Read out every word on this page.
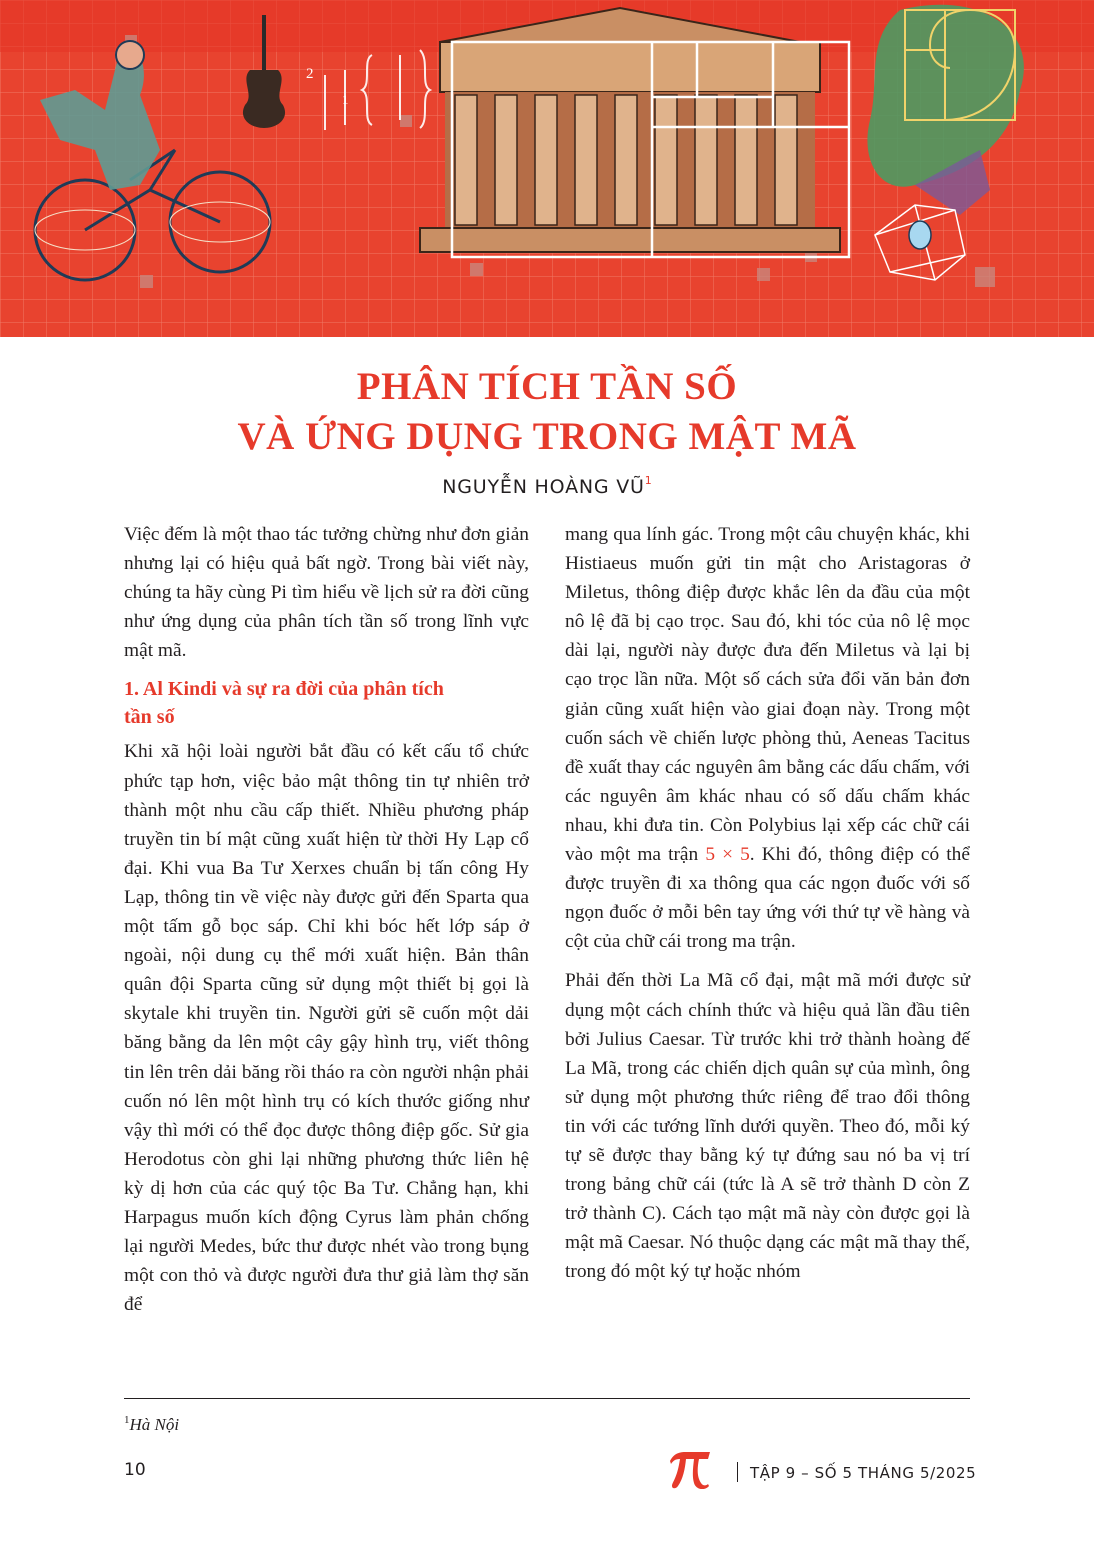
2
1
PHÂN TÍCH TẦN SỐ
VÀ ỨNG DỤNG TRONG MẬT MÃ
NGUYỄN HOÀNG $VŨ^1$

Việc đếm là một thao tác tưởng chừng như đơn giản nhưng lại có hiệu quả bất ngờ. Trong bài viết này, chúng ta hãy cùng Pi tìm hiểu về lịch sử ra đời cũng như ứng dụng của phân tích tần số trong lĩnh vực mật mã.

1. Al Kindi và sự ra đời của phân tích
tần số

Khi xã hội loài người bắt đầu có kết cấu tổ chức phức tạp hơn, việc bảo mật thông tin tự nhiên trở thành một nhu cầu cấp thiết. Nhiều phương pháp truyền tin bí mật cũng xuất hiện từ thời Hy Lạp cổ đại. Khi vua Ba Tư Xerxes chuẩn bị tấn công Hy Lạp, thông tin về việc này được gửi đến Sparta qua một tấm gỗ bọc sáp. Chỉ khi bóc hết lớp sáp ở ngoài, nội dung cụ thể mới xuất hiện. Bản thân quân đội Sparta cũng sử dụng một thiết bị gọi là skytale khi truyền tin. Người gửi sẽ cuốn một dải băng bằng da lên một cây gậy hình trụ, viết thông tin lên trên dải băng rồi tháo ra còn người nhận phải cuốn nó lên một hình trụ có kích thước giống như vậy thì mới có thể đọc được thông điệp gốc. Sử gia Herodotus còn ghi lại những phương thức liên hệ kỳ dị hơn của các quý tộc Ba Tư. Chẳng hạn, khi Harpagus muốn kích động Cyrus làm phản chống lại người Medes, bức thư được nhét vào trong bụng một con thỏ và được người đưa thư giả làm thợ săn để

mang qua lính gác. Trong một câu chuyện khác, khi Histiaeus muốn gửi tin mật cho Aristagoras ở Miletus, thông điệp được khắc lên da đầu của một nô lệ đã bị cạo trọc. Sau đó, khi tóc của nô lệ mọc dài lại, người này được đưa đến Miletus và lại bị cạo trọc lần nữa. Một số cách sửa đổi văn bản đơn giản cũng xuất hiện vào giai đoạn này. Trong một cuốn sách về chiến lược phòng thủ, Aeneas Tacitus đề xuất thay các nguyên âm bằng các dấu chấm, với các nguyên âm khác nhau có số dấu chấm khác nhau, khi đưa tin. Còn Polybius lại xếp các chữ cái vào một ma trận 5 × 5. Khi đó, thông điệp có thể được truyền đi xa thông qua các ngọn đuốc với số ngọn đuốc ở mỗi bên tay ứng với thứ tự về hàng và cột của chữ cái trong ma trận.

Phải đến thời La Mã cổ đại, mật mã mới được sử dụng một cách chính thức và hiệu quả lần đầu tiên bởi Julius Caesar. Từ trước khi trở thành hoàng đế La Mã, trong các chiến dịch quân sự của mình, ông sử dụng một phương thức riêng để trao đổi thông tin với các tướng lĩnh dưới quyền. Theo đó, mỗi ký tự sẽ được thay bằng ký tự đứng sau nó ba vị trí trong bảng chữ cái (tức là A sẽ trở thành D còn Z trở thành C). Cách tạo mật mã này còn được gọi là mật mã Caesar. Nó thuộc dạng các mật mã thay thế, trong đó một ký tự hoặc nhóm

$^1$Hà Nội
10	TẬP 9 – SỐ 5 THÁNG 5/2025
